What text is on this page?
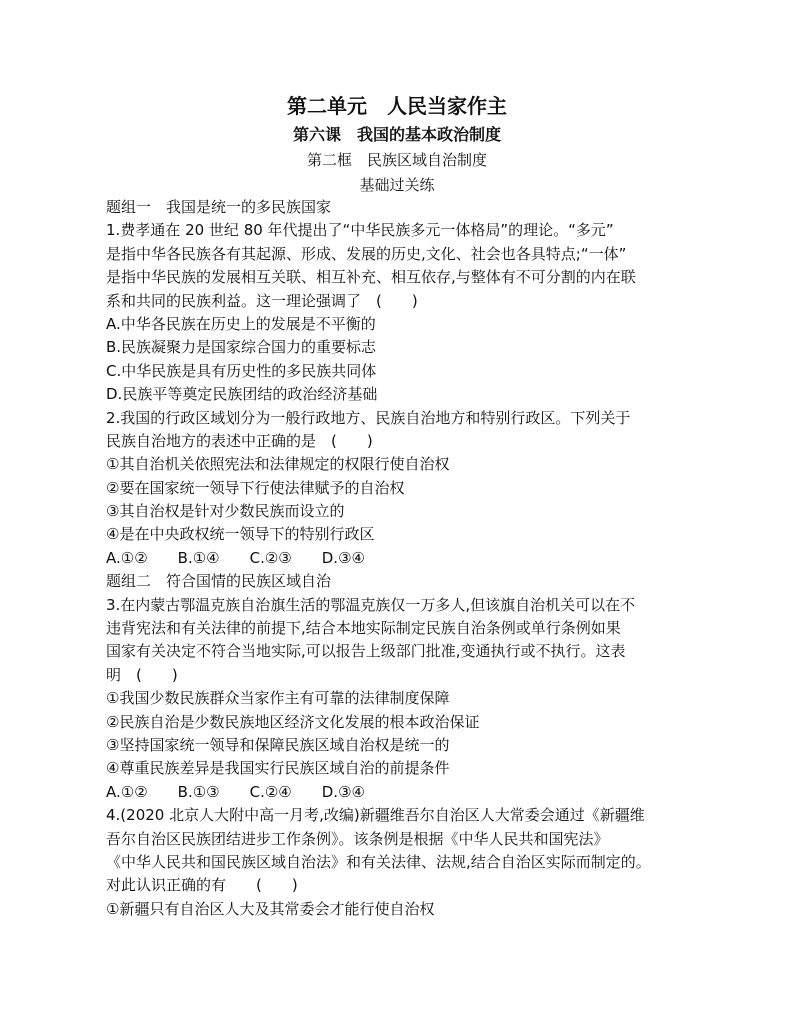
第二单元　人民当家作主
第六课　我国的基本政治制度
第二框　民族区域自治制度
基础过关练
题组一　我国是统一的多民族国家
1.费孝通在 20 世纪 80 年代提出了“中华民族多元一体格局”的理论。“多元”
是指中华各民族各有其起源、形成、发展的历史,文化、社会也各具特点;“一体”
是指中华民族的发展相互关联、相互补充、相互依存,与整体有不可分割的内在联
系和共同的民族利益。这一理论强调了　(　　)
A.中华各民族在历史上的发展是不平衡的
B.民族凝聚力是国家综合国力的重要标志
C.中华民族是具有历史性的多民族共同体
D.民族平等奠定民族团结的政治经济基础
2.我国的行政区域划分为一般行政地方、民族自治地方和特别行政区。下列关于
民族自治地方的表述中正确的是　(　　)
①其自治机关依照宪法和法律规定的权限行使自治权
②要在国家统一领导下行使法律赋予的自治权
③其自治权是针对少数民族而设立的
④是在中央政权统一领导下的特别行政区
A.①②　　B.①④　　C.②③　　D.③④
题组二　符合国情的民族区域自治
3.在内蒙古鄂温克族自治旗生活的鄂温克族仅一万多人,但该旗自治机关可以在不
违背宪法和有关法律的前提下,结合本地实际制定民族自治条例或单行条例如果
国家有关决定不符合当地实际,可以报告上级部门批准,变通执行或不执行。这表
明　(　　)
①我国少数民族群众当家作主有可靠的法律制度保障
②民族自治是少数民族地区经济文化发展的根本政治保证
③坚持国家统一领导和保障民族区域自治权是统一的
④尊重民族差异是我国实行民族区域自治的前提条件
A.①②　　B.①③　　C.②④　　D.③④
4.(2020 北京人大附中高一月考,改编)新疆维吾尔自治区人大常委会通过《新疆维
吾尔自治区民族团结进步工作条例》。该条例是根据《中华人民共和国宪法》
《中华人民共和国民族区域自治法》和有关法律、法规,结合自治区实际而制定的。
对此认识正确的有　　(　　)
①新疆只有自治区人大及其常委会才能行使自治权
